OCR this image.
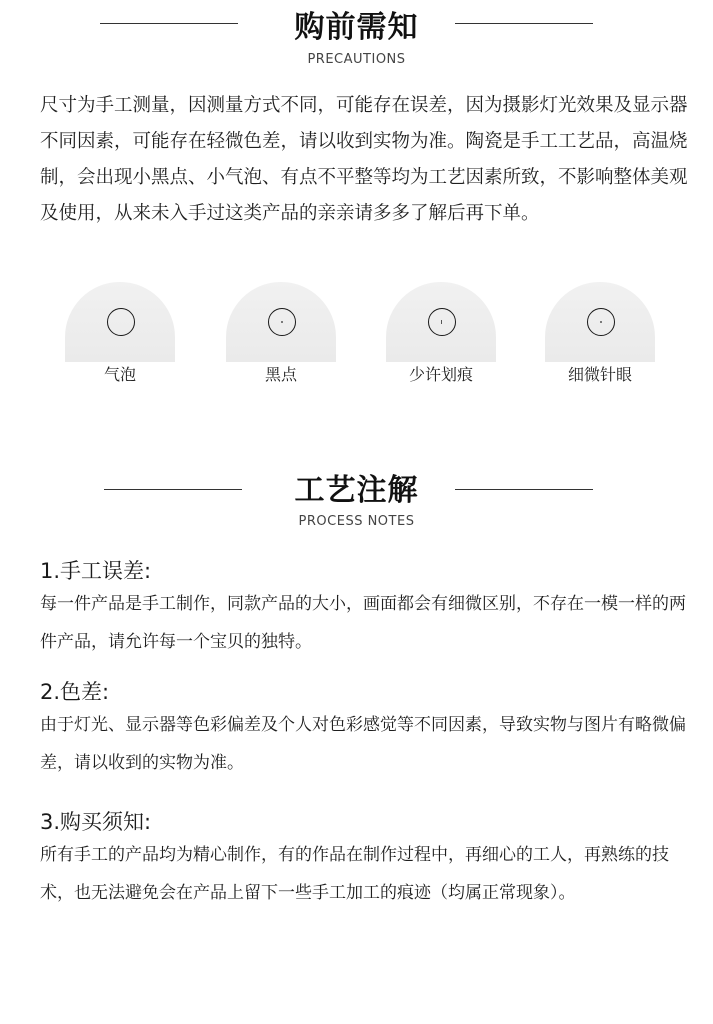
购前需知
PRECAUTIONS

尺寸为手工测量，因测量方式不同，可能存在误差，因为摄影灯光效果及显示器不同因素，可能存在轻微色差，请以收到实物为准。陶瓷是手工工艺品，高温烧制，会出现小黑点、小气泡、有点不平整等均为工艺因素所致，不影响整体美观及使用，从来未入手过这类产品的亲亲请多多了解后再下单。

气泡	黑点	少许划痕	细微针眼
工艺注解
PROCESS NOTES
1.手工误差:
每一件产品是手工制作，同款产品的大小，画面都会有细微区别，不存在一模一样的两件产品，请允许每一个宝贝的独特。
2.色差:
由于灯光、显示器等色彩偏差及个人对色彩感觉等不同因素，导致实物与图片有略微偏差，请以收到的实物为准。
3.购买须知:
所有手工的产品均为精心制作，有的作品在制作过程中，再细心的工人，再熟练的技术，也无法避免会在产品上留下一些手工加工的痕迹（均属正常现象）。
